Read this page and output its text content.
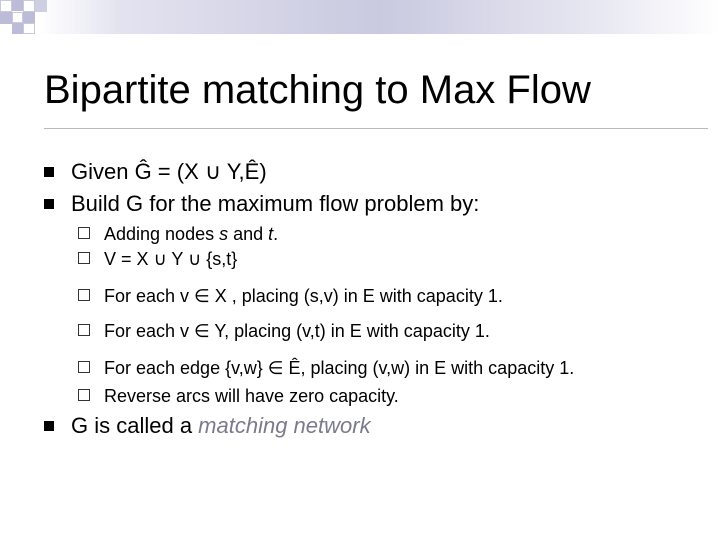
Bipartite matching to Max Flow
Given Ĝ = (X ∪ Y,Ê)
Build G for the maximum flow problem by:
Adding nodes s and t.
V = X ∪ Y ∪ {s,t}
For each v ∈ X , placing (s,v) in E with capacity 1.
For each v ∈ Y, placing (v,t) in E with capacity 1.
For each edge {v,w} ∈ Ê, placing (v,w) in E with capacity 1.
Reverse arcs will have zero capacity.
G is called a matching network
